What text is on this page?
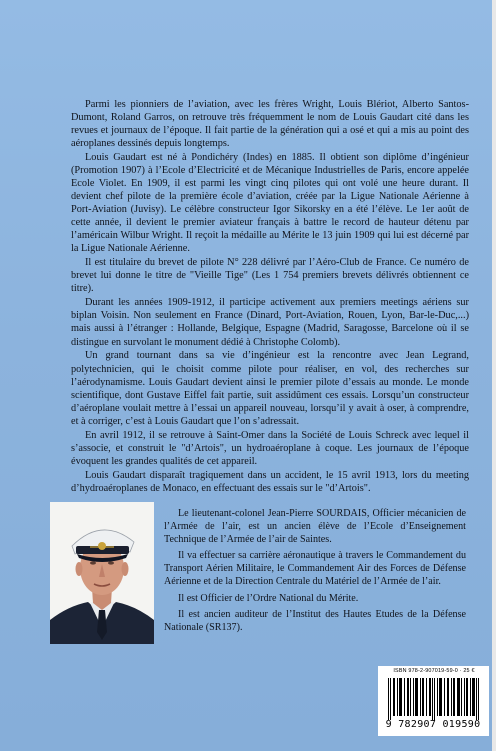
Parmi les pionniers de l’aviation, avec les frères Wright, Louis Blériot, Alberto Santos-Dumont, Roland Garros, on retrouve très fréquemment le nom de Louis Gaudart cité dans les revues et journaux de l’époque. Il fait partie de la génération qui a osé et qui a mis au point des aéroplanes dessinés depuis longtemps.

Louis Gaudart est né à Pondichéry (Indes) en 1885. Il obtient son diplôme d’ingénieur (Promotion 1907) à l’Ecole d’Electricité et de Mécanique Industrielles de Paris, encore appelée Ecole Violet. En 1909, il est parmi les vingt cinq pilotes qui ont volé une heure durant. Il devient chef pilote de la première école d’aviation, créée par la Ligue Nationale Aérienne à Port-Aviation (Juvisy). Le célèbre constructeur Igor Sikorsky en a été l’élève. Le 1er août de cette année, il devient le premier aviateur français à battre le record de hauteur détenu par l’américain Wilbur Wright. Il reçoit la médaille au Mérite le 13 juin 1909 qui lui est décerné par la Ligue Nationale Aérienne.

Il est titulaire du brevet de pilote N° 228 délivré par l’Aéro-Club de France. Ce numéro de brevet lui donne le titre de "Vieille Tige" (Les 1 754 premiers brevets délivrés obtiennent ce titre).

Durant les années 1909-1912, il participe activement aux premiers meetings aériens sur biplan Voisin. Non seulement en France (Dinard, Port-Aviation, Rouen, Lyon, Bar-le-Duc,...) mais aussi à l’étranger : Hollande, Belgique, Espagne (Madrid, Saragosse, Barcelone où il se distingue en survolant le monument dédié à Christophe Colomb).

Un grand tournant dans sa vie d’ingénieur est la rencontre avec Jean Legrand, polytechnicien, qui le choisit comme pilote pour réaliser, en vol, des recherches sur l’aérodynamisme. Louis Gaudart devient ainsi le premier pilote d’essais au monde. Le monde scientifique, dont Gustave Eiffel fait partie, suit assidûment ces essais. Lorsqu’un constructeur d’aéroplane voulait mettre à l’essai un appareil nouveau, lorsqu’il y avait à oser, à comprendre, et à corriger, c’est à Louis Gaudart que l’on s’adressait.

En avril 1912, il se retrouve à Saint-Omer dans la Société de Louis Schreck avec lequel il s’associe, et construit le "d’Artois", un hydroaéroplane à coque. Les journaux de l’époque évoquent les grandes qualités de cet appareil.

Louis Gaudart disparaît tragiquement dans un accident, le 15 avril 1913, lors du meeting d’hydroaéroplanes de Monaco, en effectuant des essais sur le "d’Artois".

Le lieutenant-colonel Jean-Pierre SOURDAIS, Officier mécanicien de l’Armée de l’air, est un ancien élève de l’Ecole d’Enseignement Technique de l’Armée de l’air de Saintes.

Il va effectuer sa carrière aéronautique à travers le Commandement du Transport Aérien Militaire, le Commandement Air des Forces de Défense Aérienne et de la Direction Centrale du Matériel de l’Armée de l’air.

Il est Officier de l’Ordre National du Mérite.

Il est ancien auditeur de l’Institut des Hautes Etudes de la Défense Nationale (SR137).

ISBN 978-2-907019-59-0 · 25 €
9 782907 019590
